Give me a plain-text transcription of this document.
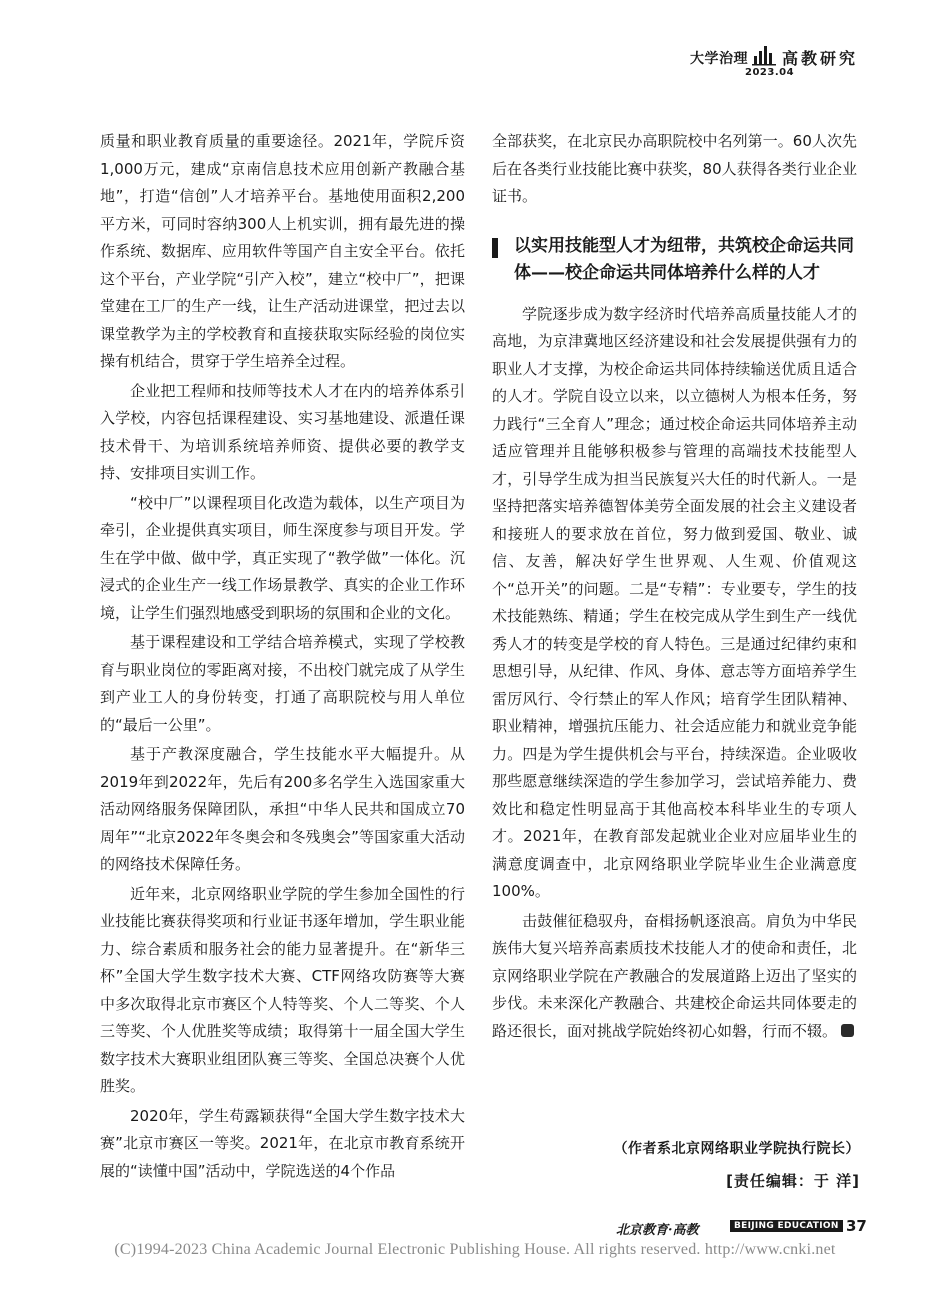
大学治理 高教研究
2023.04

质量和职业教育质量的重要途径。2021年，学院斥资1,000万元，建成“京南信息技术应用创新产教融合基地”，打造“信创”人才培养平台。基地使用面积2,200平方米，可同时容纳300人上机实训，拥有最先进的操作系统、数据库、应用软件等国产自主安全平台。依托这个平台，产业学院“引产入校”，建立“校中厂”，把课堂建在工厂的生产一线，让生产活动进课堂，把过去以课堂教学为主的学校教育和直接获取实际经验的岗位实操有机结合，贯穿于学生培养全过程。

企业把工程师和技师等技术人才在内的培养体系引入学校，内容包括课程建设、实习基地建设、派遣任课技术骨干、为培训系统培养师资、提供必要的教学支持、安排项目实训工作。

“校中厂”以课程项目化改造为载体，以生产项目为牵引，企业提供真实项目，师生深度参与项目开发。学生在学中做、做中学，真正实现了“教学做”一体化。沉浸式的企业生产一线工作场景教学、真实的企业工作环境，让学生们强烈地感受到职场的氛围和企业的文化。

基于课程建设和工学结合培养模式，实现了学校教育与职业岗位的零距离对接，不出校门就完成了从学生到产业工人的身份转变，打通了高职院校与用人单位的“最后一公里”。

基于产教深度融合，学生技能水平大幅提升。从2019年到2022年，先后有200多名学生入选国家重大活动网络服务保障团队，承担“中华人民共和国成立70周年”“北京2022年冬奥会和冬残奥会”等国家重大活动的网络技术保障任务。

近年来，北京网络职业学院的学生参加全国性的行业技能比赛获得奖项和行业证书逐年增加，学生职业能力、综合素质和服务社会的能力显著提升。在“新华三杯”全国大学生数字技术大赛、CTF网络攻防赛等大赛中多次取得北京市赛区个人特等奖、个人二等奖、个人三等奖、个人优胜奖等成绩；取得第十一届全国大学生数字技术大赛职业组团队赛三等奖、全国总决赛个人优胜奖。

2020年，学生苟露颖获得“全国大学生数字技术大赛”北京市赛区一等奖。2021年，在北京市教育系统开展的“读懂中国”活动中，学院选送的4个作品

全部获奖，在北京民办高职院校中名列第一。60人次先后在各类行业技能比赛中获奖，80人获得各类行业企业证书。

以实用技能型人才为纽带，共筑校企命运共同体——校企命运共同体培养什么样的人才

学院逐步成为数字经济时代培养高质量技能人才的高地，为京津冀地区经济建设和社会发展提供强有力的职业人才支撑，为校企命运共同体持续输送优质且适合的人才。学院自设立以来，以立德树人为根本任务，努力践行“三全育人”理念；通过校企命运共同体培养主动适应管理并且能够积极参与管理的高端技术技能型人才，引导学生成为担当民族复兴大任的时代新人。一是坚持把落实培养德智体美劳全面发展的社会主义建设者和接班人的要求放在首位，努力做到爱国、敬业、诚信、友善，解决好学生世界观、人生观、价值观这个“总开关”的问题。二是“专精”：专业要专，学生的技术技能熟练、精通；学生在校完成从学生到生产一线优秀人才的转变是学校的育人特色。三是通过纪律约束和思想引导，从纪律、作风、身体、意志等方面培养学生雷厉风行、令行禁止的军人作风；培育学生团队精神、职业精神，增强抗压能力、社会适应能力和就业竞争能力。四是为学生提供机会与平台，持续深造。企业吸收那些愿意继续深造的学生参加学习，尝试培养能力、费效比和稳定性明显高于其他高校本科毕业生的专项人才。2021年，在教育部发起就业企业对应届毕业生的满意度调查中，北京网络职业学院毕业生企业满意度100%。

击鼓催征稳驭舟，奋楫扬帆逐浪高。肩负为中华民族伟大复兴培养高素质技术技能人才的使命和责任，北京网络职业学院在产教融合的发展道路上迈出了坚实的步伐。未来深化产教融合、共建校企命运共同体要走的路还很长，面对挑战学院始终初心如磐，行而不辍。

（作者系北京网络职业学院执行院长）
[责任编辑：于 洋]
北京教育·高教	BEIJING EDUCATION 37
(C)1994-2023 China Academic Journal Electronic Publishing House. All rights reserved. http://www.cnki.net
